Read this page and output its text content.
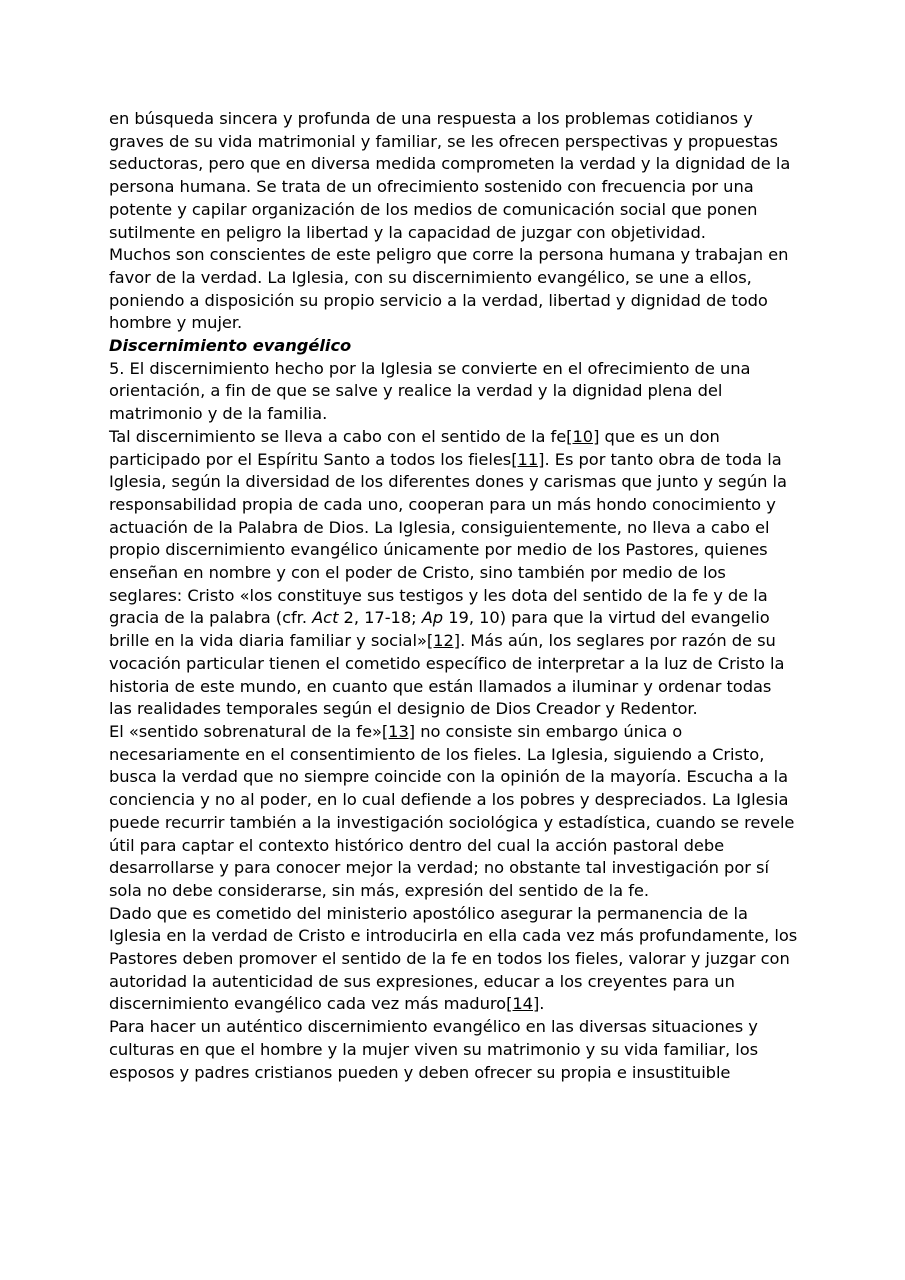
en búsqueda sincera y profunda de una respuesta a los problemas cotidianos y graves de su vida matrimonial y familiar, se les ofrecen perspectivas y propuestas seductoras, pero que en diversa medida comprometen la verdad y la dignidad de la persona humana. Se trata de un ofrecimiento sostenido con frecuencia por una potente y capilar organización de los medios de comunicación social que ponen sutilmente en peligro la libertad y la capacidad de juzgar con objetividad.

Muchos son conscientes de este peligro que corre la persona humana y trabajan en favor de la verdad. La Iglesia, con su discernimiento evangélico, se une a ellos, poniendo a disposición su propio servicio a la verdad, libertad y dignidad de todo hombre y mujer.

Discernimiento evangélico

5. El discernimiento hecho por la Iglesia se convierte en el ofrecimiento de una orientación, a fin de que se salve y realice la verdad y la dignidad plena del matrimonio y de la familia.

Tal discernimiento se lleva a cabo con el sentido de la fe[10] que es un don participado por el Espíritu Santo a todos los fieles[11]. Es por tanto obra de toda la Iglesia, según la diversidad de los diferentes dones y carismas que junto y según la responsabilidad propia de cada uno, cooperan para un más hondo conocimiento y actuación de la Palabra de Dios. La Iglesia, consiguientemente, no lleva a cabo el propio discernimiento evangélico únicamente por medio de los Pastores, quienes enseñan en nombre y con el poder de Cristo, sino también por medio de los seglares: Cristo «los constituye sus testigos y les dota del sentido de la fe y de la gracia de la palabra (cfr. Act 2, 17-18; Ap 19, 10) para que la virtud del evangelio brille en la vida diaria familiar y social»[12]. Más aún, los seglares por razón de su vocación particular tienen el cometido específico de interpretar a la luz de Cristo la historia de este mundo, en cuanto que están llamados a iluminar y ordenar todas las realidades temporales según el designio de Dios Creador y Redentor.

El «sentido sobrenatural de la fe»[13] no consiste sin embargo única o necesariamente en el consentimiento de los fieles. La Iglesia, siguiendo a Cristo, busca la verdad que no siempre coincide con la opinión de la mayoría. Escucha a la conciencia y no al poder, en lo cual defiende a los pobres y despreciados. La Iglesia puede recurrir también a la investigación sociológica y estadística, cuando se revele útil para captar el contexto histórico dentro del cual la acción pastoral debe desarrollarse y para conocer mejor la verdad; no obstante tal investigación por sí sola no debe considerarse, sin más, expresión del sentido de la fe.

Dado que es cometido del ministerio apostólico asegurar la permanencia de la Iglesia en la verdad de Cristo e introducirla en ella cada vez más profundamente, los Pastores deben promover el sentido de la fe en todos los fieles, valorar y juzgar con autoridad la autenticidad de sus expresiones, educar a los creyentes para un discernimiento evangélico cada vez más maduro[14].

Para hacer un auténtico discernimiento evangélico en las diversas situaciones y culturas en que el hombre y la mujer viven su matrimonio y su vida familiar, los esposos y padres cristianos pueden y deben ofrecer su propia e insustituible
